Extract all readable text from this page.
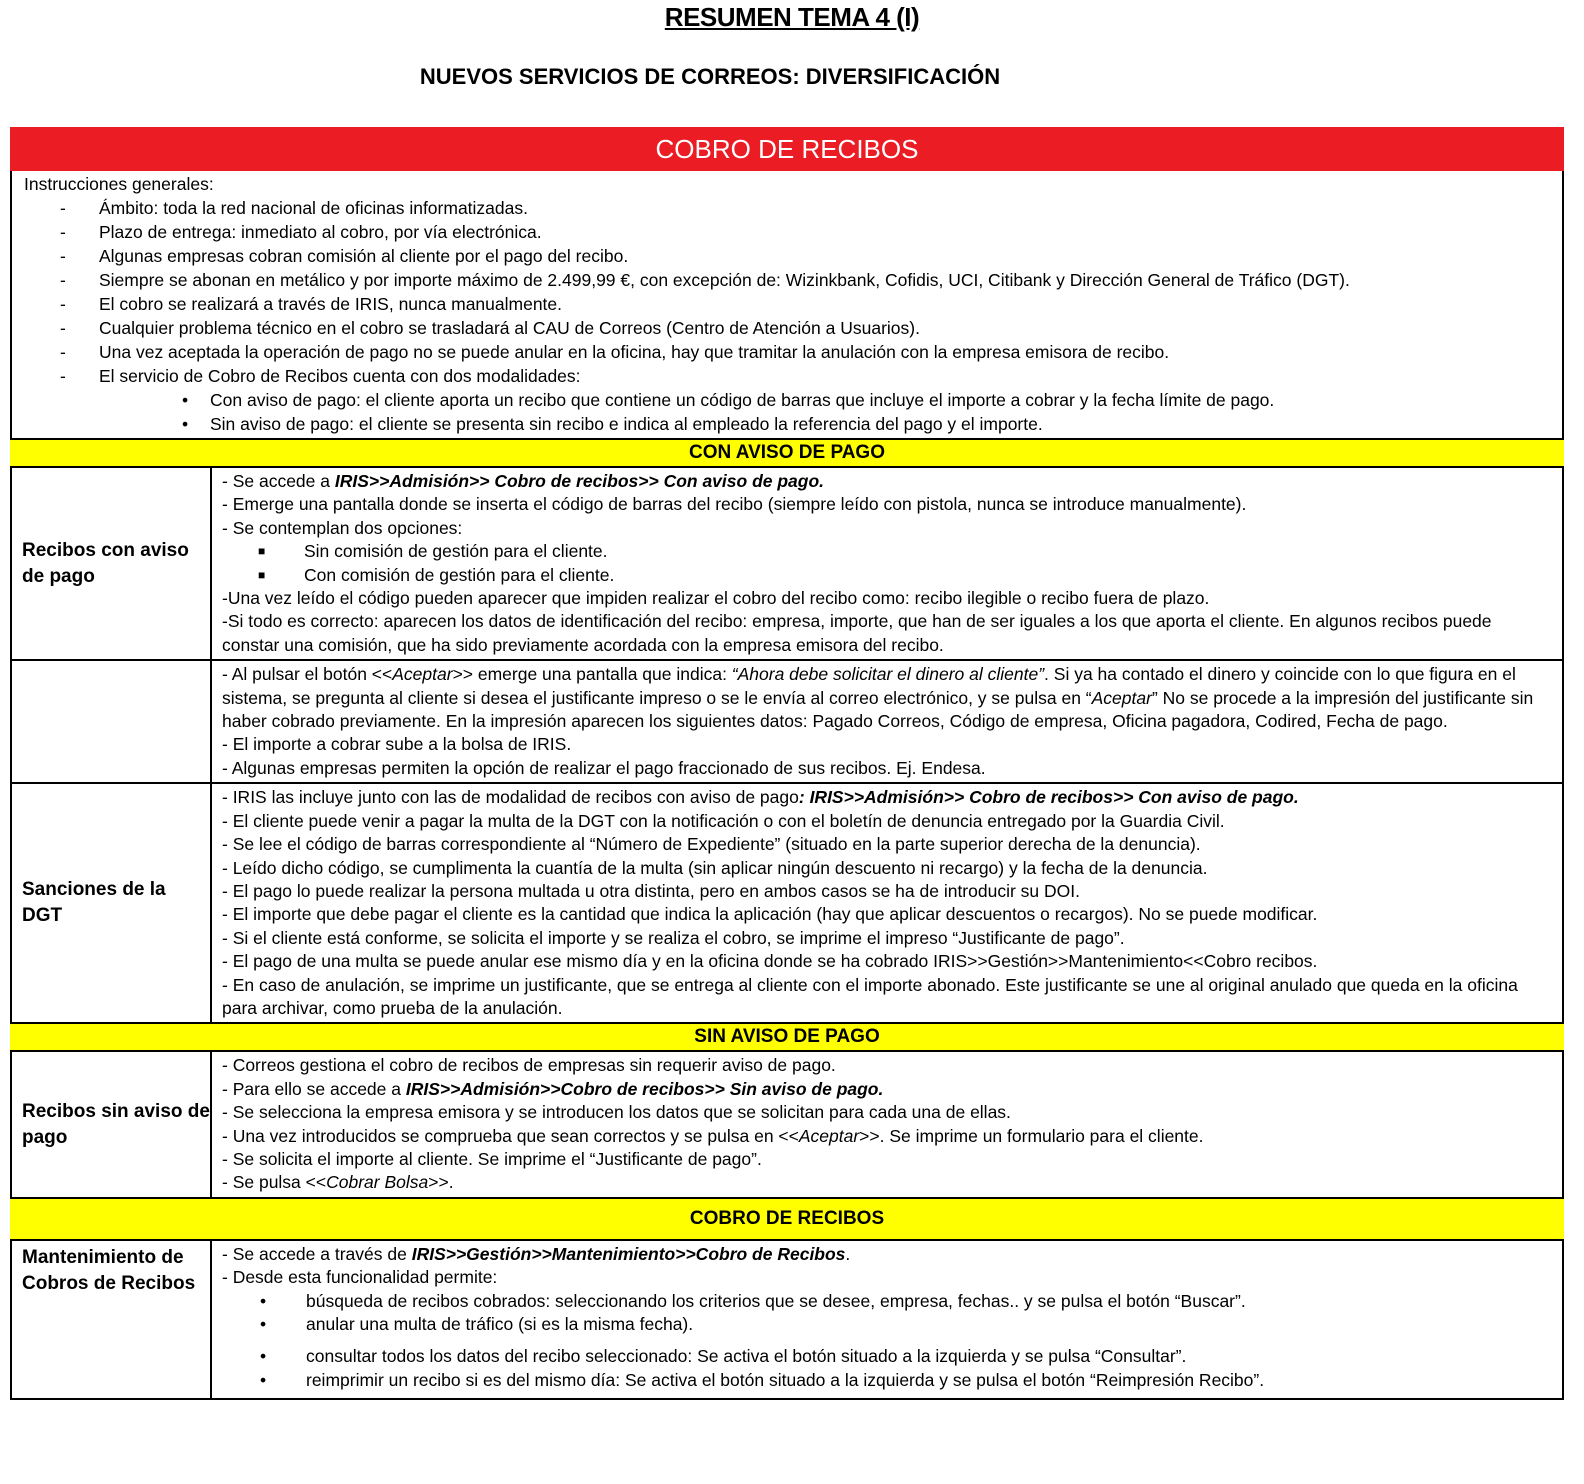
RESUMEN TEMA 4 (I)
NUEVOS SERVICIOS DE CORREOS: DIVERSIFICACIÓN
COBRO DE RECIBOS
Instrucciones generales:
-	Ámbito: toda la red nacional de oficinas informatizadas.
-	Plazo de entrega: inmediato al cobro, por vía electrónica.
-	Algunas empresas cobran comisión al cliente por el pago del recibo.
-	Siempre se abonan en metálico y por importe máximo de 2.499,99 €, con excepción de: Wizinkbank, Cofidis, UCI, Citibank y Dirección General de Tráfico (DGT).
-	El cobro se realizará a través de IRIS, nunca manualmente.
-	Cualquier problema técnico en el cobro se trasladará al CAU de Correos (Centro de Atención a Usuarios).
-	Una vez aceptada la operación de pago no se puede anular en la oficina, hay que tramitar la anulación con la empresa emisora de recibo.
-	El servicio de Cobro de Recibos cuenta con dos modalidades:
•	Con aviso de pago: el cliente aporta un recibo que contiene un código de barras que incluye el importe a cobrar y la fecha límite de pago.
•	Sin aviso de pago: el cliente se presenta sin recibo e indica al empleado la referencia del pago y el importe.
CON AVISO DE PAGO
Recibos con aviso de pago
- Se accede a IRIS>>Admisión>> Cobro de recibos>> Con aviso de pago.
- Emerge una pantalla donde se inserta el código de barras del recibo (siempre leído con pistola, nunca se introduce manualmente).
- Se contemplan dos opciones:
■	Sin comisión de gestión para el cliente.
■	Con comisión de gestión para el cliente.
-Una vez leído el código pueden aparecer que impiden realizar el cobro del recibo como: recibo ilegible o recibo fuera de plazo.
-Si todo es correcto: aparecen los datos de identificación del recibo: empresa, importe, que han de ser iguales a los que aporta el cliente. En algunos recibos puede constar una comisión, que ha sido previamente acordada con la empresa emisora del recibo.
- Al pulsar el botón <<Aceptar>> emerge una pantalla que indica: “Ahora debe solicitar el dinero al cliente”. Si ya ha contado el dinero y coincide con lo que figura en el sistema, se pregunta al cliente si desea el justificante impreso o se le envía al correo electrónico, y se pulsa en “Aceptar” No se procede a la impresión del justificante sin haber cobrado previamente. En la impresión aparecen los siguientes datos: Pagado Correos, Código de empresa, Oficina pagadora, Codired, Fecha de pago.
- El importe a cobrar sube a la bolsa de IRIS.
- Algunas empresas permiten la opción de realizar el pago fraccionado de sus recibos. Ej. Endesa.
Sanciones de la DGT
- IRIS las incluye junto con las de modalidad de recibos con aviso de pago: IRIS>>Admisión>> Cobro de recibos>> Con aviso de pago.
- El cliente puede venir a pagar la multa de la DGT con la notificación o con el boletín de denuncia entregado por la Guardia Civil.
- Se lee el código de barras correspondiente al “Número de Expediente” (situado en la parte superior derecha de la denuncia).
- Leído dicho código, se cumplimenta la cuantía de la multa (sin aplicar ningún descuento ni recargo) y la fecha de la denuncia.
- El pago lo puede realizar la persona multada u otra distinta, pero en ambos casos se ha de introducir su DOI.
- El importe que debe pagar el cliente es la cantidad que indica la aplicación (hay que aplicar descuentos o recargos). No se puede modificar.
- Si el cliente está conforme, se solicita el importe y se realiza el cobro, se imprime el impreso “Justificante de pago”.
- El pago de una multa se puede anular ese mismo día y en la oficina donde se ha cobrado IRIS>>Gestión>>Mantenimiento<<Cobro recibos.
- En caso de anulación, se imprime un justificante, que se entrega al cliente con el importe abonado. Este justificante se une al original anulado que queda en la oficina para archivar, como prueba de la anulación.
SIN AVISO DE PAGO
Recibos sin aviso de pago
- Correos gestiona el cobro de recibos de empresas sin requerir aviso de pago.
- Para ello se accede a IRIS>>Admisión>>Cobro de recibos>> Sin aviso de pago.
- Se selecciona la empresa emisora y se introducen los datos que se solicitan para cada una de ellas.
- Una vez introducidos se comprueba que sean correctos y se pulsa en <<Aceptar>>. Se imprime un formulario para el cliente.
- Se solicita el importe al cliente. Se imprime el “Justificante de pago”.
- Se pulsa <<Cobrar Bolsa>>.
COBRO DE RECIBOS
Mantenimiento de Cobros de Recibos
- Se accede a través de IRIS>>Gestión>>Mantenimiento>>Cobro de Recibos.
- Desde esta funcionalidad permite:
•	búsqueda de recibos cobrados: seleccionando los criterios que se desee, empresa, fechas.. y se pulsa el botón “Buscar”.
•	anular una multa de tráfico (si es la misma fecha).
•	consultar todos los datos del recibo seleccionado: Se activa el botón situado a la izquierda y se pulsa “Consultar”.
•	reimprimir un recibo si es del mismo día: Se activa el botón situado a la izquierda y se pulsa el botón “Reimpresión Recibo”.
